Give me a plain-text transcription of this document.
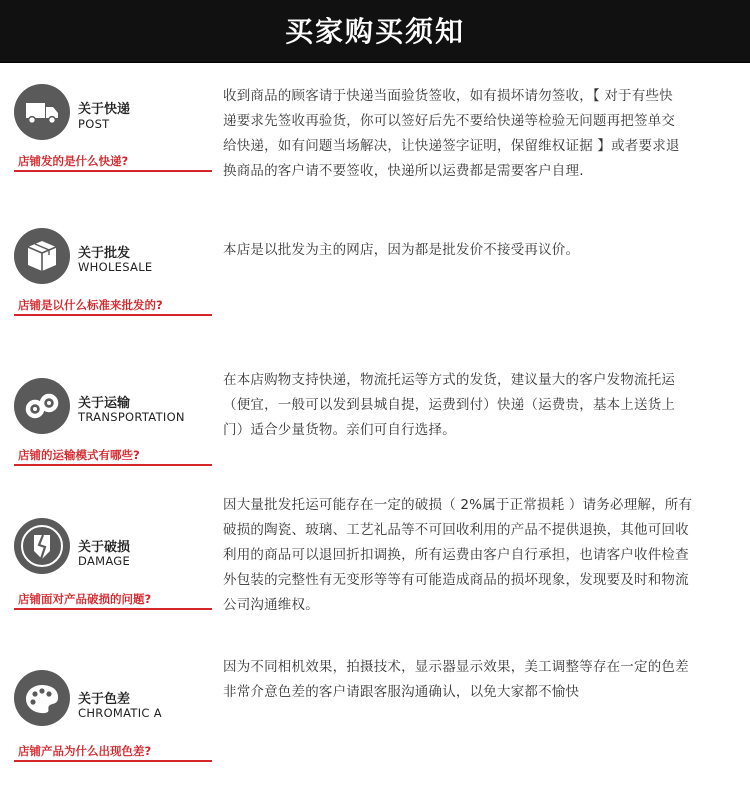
买家购买须知
关于快递
POST
店铺发的是什么快递?
收到商品的顾客请于快递当面验货签收，如有损坏请勿签收，【 对于有些快
递要求先签收再验货，你可以签好后先不要给快递等检验无问题再把签单交
给快递，如有问题当场解决，让快递签字证明，保留维权证据 】或者要求退
换商品的客户请不要签收，快递所以运费都是需要客户自理.
关于批发
WHOLESALE
店铺是以什么标准来批发的?
本店是以批发为主的网店，因为都是批发价不接受再议价。
关于运输
TRANSPORTATION
店铺的运输模式有哪些?
在本店购物支持快递，物流托运等方式的发货，建议量大的客户发物流托运
（便宜，一般可以发到县城自提，运费到付）快递（运费贵，基本上送货上
门）适合少量货物。亲们可自行选择。
关于破损
DAMAGE
店铺面对产品破损的问题?
因大量批发托运可能存在一定的破损（ 2%属于正常损耗 ）请务必理解，所有
破损的陶瓷、玻璃、工艺礼品等不可回收利用的产品不提供退换，其他可回收
利用的商品可以退回折扣调换，所有运费由客户自行承担，也请客户收件检查
外包装的完整性有无变形等等有可能造成商品的损坏现象，发现要及时和物流
公司沟通维权。
关于色差
CHROMATIC A
店铺产品为什么出现色差?
因为不同相机效果，拍摄技术，显示器显示效果，美工调整等存在一定的色差
非常介意色差的客户请跟客服沟通确认，以免大家都不愉快
